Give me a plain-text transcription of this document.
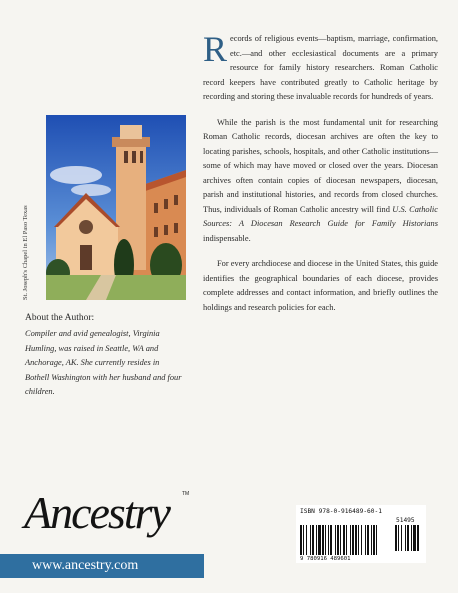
St. Joseph's Chapel in El Paso Texas

About the Author:

Compiler and avid genealogist, Virginia Humling, was raised in Seattle, WA and Anchorage, AK. She currently resides in Bothell Washington with her husband and four children.

Records of religious events—baptism, marriage, confirmation, etc.—and other ecclesiastical documents are a primary resource for family history researchers. Roman Catholic record keepers have contributed greatly to Catholic heritage by recording and storing these invaluable records for hundreds of years.

While the parish is the most fundamental unit for researching Roman Catholic records, diocesan archives are often the key to locating parishes, schools, hospitals, and other Catholic institutions—some of which may have moved or closed over the years. Diocesan archives often contain copies of diocesan newspapers, diocesan, parish and institutional histories, and records from closed churches. Thus, individuals of Roman Catholic ancestry will find U.S. Catholic Sources: A Diocesan Research Guide for Family Historians indispensable.

For every archdiocese and diocese in the United States, this guide identifies the geographical boundaries of each diocese, provides complete addresses and contact information, and briefly outlines the holdings and research policies for each.

Ancestry	TM
www.ancestry.com
ISBN 978-0-916489-60-1
51495
9 780916 489601
